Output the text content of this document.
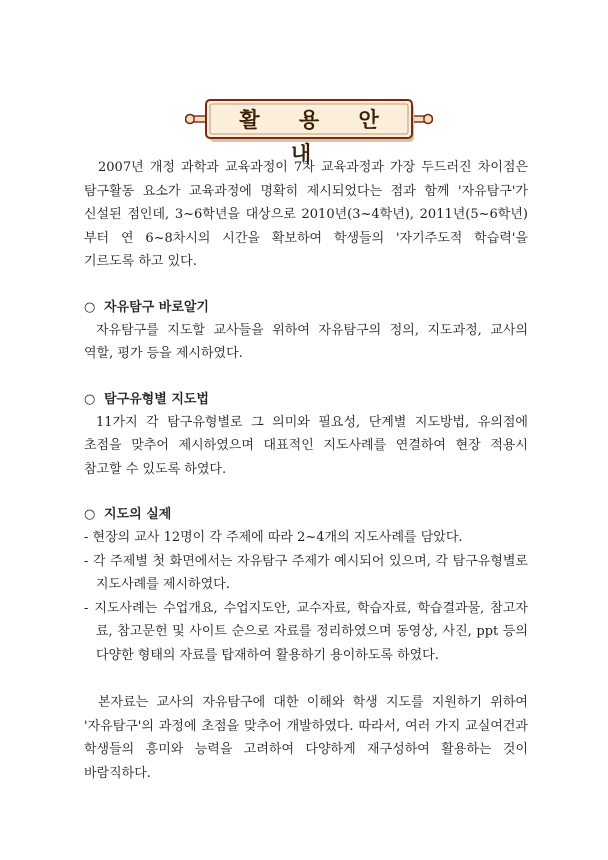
활 용 안 내

2007년 개정 과학과 교육과정이 7차 교육과정과 가장 두드러진 차이점은 탐구활동 요소가 교육과정에 명확히 제시되었다는 점과 함께 '자유탐구'가 신설된 점인데, 3~6학년을 대상으로 2010년(3~4학년), 2011년(5~6학년)부터 연 6~8차시의 시간을 확보하여 학생들의 '자기주도적 학습력'을 기르도록 하고 있다.

○ 자유탐구 바로알기

자유탐구를 지도할 교사들을 위하여 자유탐구의 정의, 지도과정, 교사의 역할, 평가 등을 제시하였다.

○ 탐구유형별 지도법

11가지 각 탐구유형별로 그 의미와 필요성, 단계별 지도방법, 유의점에 초점을 맞추어 제시하였으며 대표적인 지도사례를 연결하여 현장 적용시 참고할 수 있도록 하였다.

○ 지도의 실제

- 현장의 교사 12명이 각 주제에 따라 2~4개의 지도사례를 담았다.

- 각 주제별 첫 화면에서는 자유탐구 주제가 예시되어 있으며, 각 탐구유형별로 지도사례를 제시하였다.

- 지도사례는 수업개요, 수업지도안, 교수자료, 학습자료, 학습결과물, 참고자료, 참고문헌 및 사이트 순으로 자료를 정리하였으며 동영상, 사진, ppt 등의 다양한 형태의 자료를 탑재하여 활용하기 용이하도록 하였다.

본자료는 교사의 자유탐구에 대한 이해와 학생 지도를 지원하기 위하여 '자유탐구'의 과정에 초점을 맞추어 개발하였다. 따라서, 여러 가지 교실여건과 학생들의 흥미와 능력을 고려하여 다양하게 재구성하여 활용하는 것이 바람직하다.
